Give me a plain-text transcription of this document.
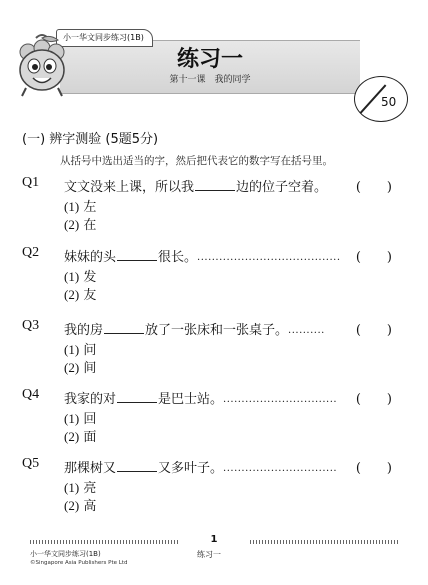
小一华文同步练习(1B)
练习一
第十一课　我的同学
50
(一) 辨字测验 (5题5分)
从括号中选出适当的字，然后把代表它的数字写在括号里。
Q1 文文没来上课，所以我	边的位子空着。 (　　)
(1) 左
(2) 在
Q2 妹妹的头	很长。.......................................	(　　)
(1) 发
(2) 友
Q3 我的房	放了一张床和一张桌子。..........	(　　)
(1) 问
(2) 间
Q4 我家的对	是巴士站。...............................	(　　)
(1) 回
(2) 面
Q5 那棵树又	又多叶子。...............................	(　　)
(1) 亮
(2) 高
1
小一华文同步练习(1B)	练习一
©Singapore Asia Publishers Pte Ltd
